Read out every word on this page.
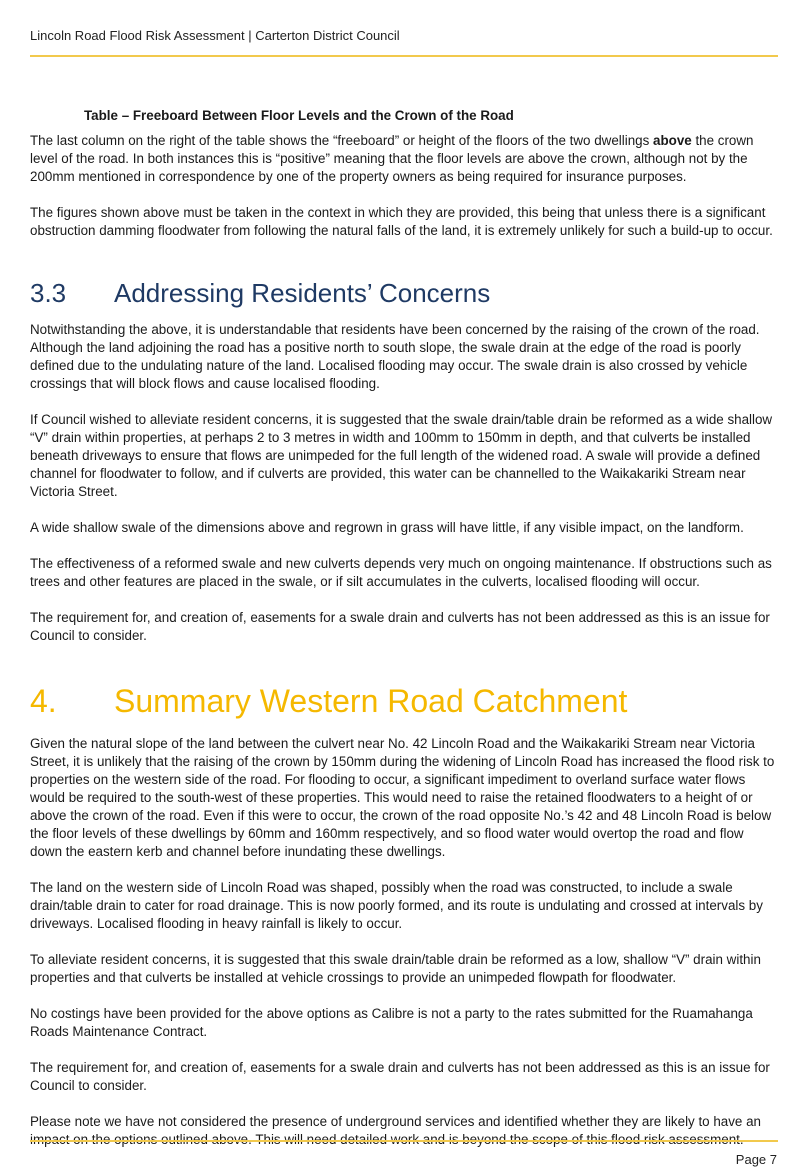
Lincoln Road Flood Risk Assessment | Carterton District Council
Table – Freeboard Between Floor Levels and the Crown of the Road

The last column on the right of the table shows the “freeboard” or height of the floors of the two dwellings above the crown level of the road. In both instances this is “positive” meaning that the floor levels are above the crown, although not by the 200mm mentioned in correspondence by one of the property owners as being required for insurance purposes.

The figures shown above must be taken in the context in which they are provided, this being that unless there is a significant obstruction damming floodwater from following the natural falls of the land, it is extremely unlikely for such a build-up to occur.

3.3	Addressing Residents’ Concerns

Notwithstanding the above, it is understandable that residents have been concerned by the raising of the crown of the road. Although the land adjoining the road has a positive north to south slope, the swale drain at the edge of the road is poorly defined due to the undulating nature of the land. Localised flooding may occur. The swale drain is also crossed by vehicle crossings that will block flows and cause localised flooding.

If Council wished to alleviate resident concerns, it is suggested that the swale drain/table drain be reformed as a wide shallow “V” drain within properties, at perhaps 2 to 3 metres in width and 100mm to 150mm in depth, and that culverts be installed beneath driveways to ensure that flows are unimpeded for the full length of the widened road. A swale will provide a defined channel for floodwater to follow, and if culverts are provided, this water can be channelled to the Waikakariki Stream near Victoria Street.

A wide shallow swale of the dimensions above and regrown in grass will have little, if any visible impact, on the landform.

The effectiveness of a reformed swale and new culverts depends very much on ongoing maintenance. If obstructions such as trees and other features are placed in the swale, or if silt accumulates in the culverts, localised flooding will occur.

The requirement for, and creation of, easements for a swale drain and culverts has not been addressed as this is an issue for Council to consider.

4.	Summary Western Road Catchment

Given the natural slope of the land between the culvert near No. 42 Lincoln Road and the Waikakariki Stream near Victoria Street, it is unlikely that the raising of the crown by 150mm during the widening of Lincoln Road has increased the flood risk to properties on the western side of the road. For flooding to occur, a significant impediment to overland surface water flows would be required to the south-west of these properties. This would need to raise the retained floodwaters to a height of or above the crown of the road. Even if this were to occur, the crown of the road opposite No.’s 42 and 48 Lincoln Road is below the floor levels of these dwellings by 60mm and 160mm respectively, and so flood water would overtop the road and flow down the eastern kerb and channel before inundating these dwellings.

The land on the western side of Lincoln Road was shaped, possibly when the road was constructed, to include a swale drain/table drain to cater for road drainage. This is now poorly formed, and its route is undulating and crossed at intervals by driveways. Localised flooding in heavy rainfall is likely to occur.

To alleviate resident concerns, it is suggested that this swale drain/table drain be reformed as a low, shallow “V” drain within properties and that culverts be installed at vehicle crossings to provide an unimpeded flowpath for floodwater.

No costings have been provided for the above options as Calibre is not a party to the rates submitted for the Ruamahanga Roads Maintenance Contract.

The requirement for, and creation of, easements for a swale drain and culverts has not been addressed as this is an issue for Council to consider.

Please note we have not considered the presence of underground services and identified whether they are likely to have an

Page 7
